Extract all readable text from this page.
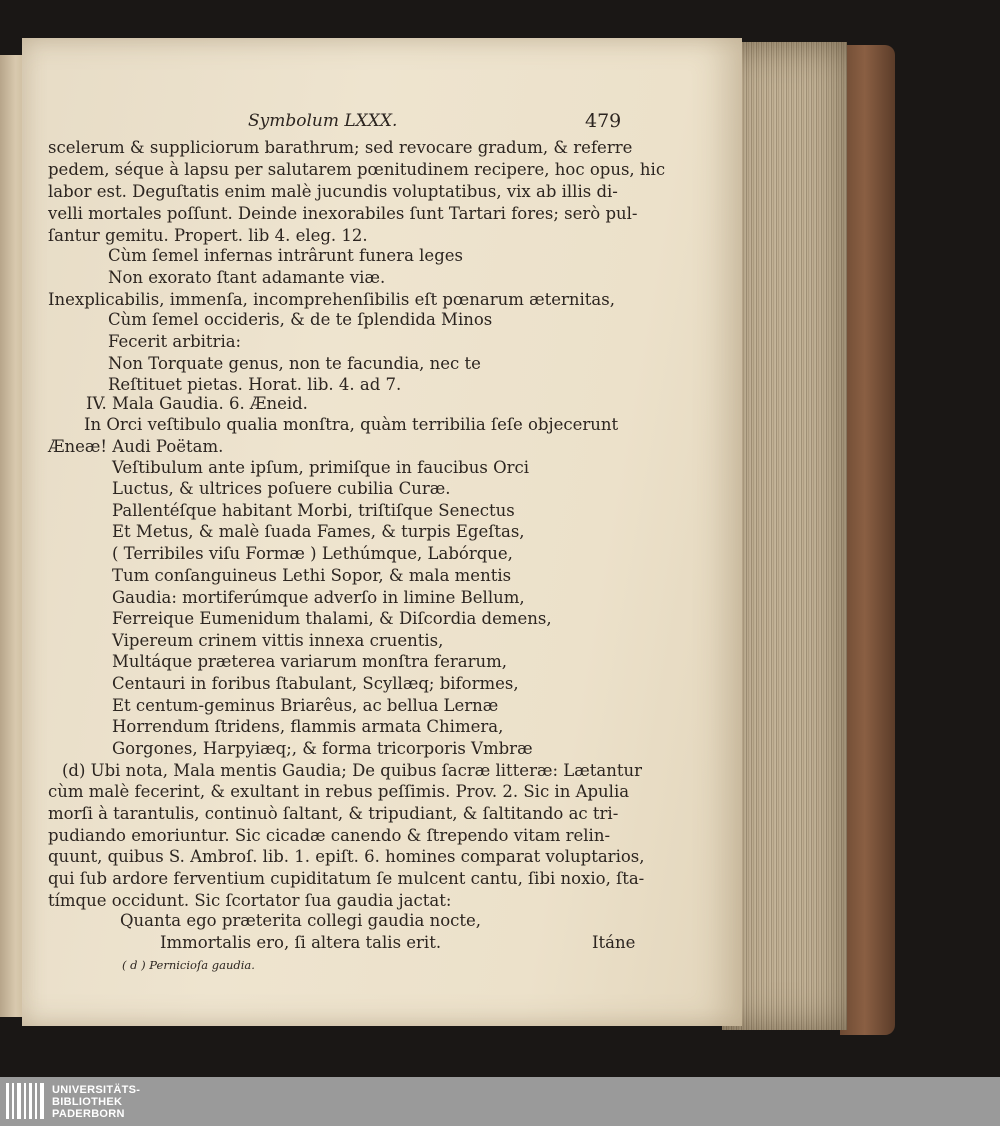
Symbolum LXXX.	479
scelerum & suppliciorum barathrum; sed revocare gradum, & referre
pedem, séque à lapsu per salutarem pœnitudinem recipere, hoc opus, hic
labor est. Deguſtatis enim malè jucundis voluptatibus, vix ab illis di-
velli mortales poſſunt. Deinde inexorabiles ſunt Tartari fores; serò pul-
ſantur gemitu. Propert. lib 4. eleg. 12.
Cùm ſemel infernas intrârunt funera leges
Non exorato ſtant adamante viæ.
Inexplicabilis, immenſa, incomprehenſibilis eſt pœnarum æternitas,
Cùm ſemel occideris, & de te ſplendida Minos
Fecerit arbitria:
Non Torquate genus, non te facundia, nec te
Reſtituet pietas. Horat. lib. 4. ad 7.
IV. Mala Gaudia. 6. Æneid.
In Orci veſtibulo qualia monſtra, quàm terribilia ſeſe objecerunt
Æneæ! Audi Poëtam.
Veſtibulum ante ipſum, primiſque in faucibus Orci
Luctus, & ultrices poſuere cubilia Curæ.
Pallentéſque habitant Morbi, triſtiſque Senectus
Et Metus, & malè ſuada Fames, & turpis Egeſtas,
( Terribiles viſu Formæ ) Lethúmque, Labórque,
Tum conſanguineus Lethi Sopor, & mala mentis
Gaudia: mortiferúmque adverſo in limine Bellum,
Ferreique Eumenidum thalami, & Diſcordia demens,
Vipereum crinem vittis innexa cruentis,
Multáque præterea variarum monſtra ferarum,
Centauri in foribus ſtabulant, Scyllæq; biformes,
Et centum-geminus Briarêus, ac bellua Lernæ
Horrendum ſtridens, flammis armata Chimera,
Gorgones, Harpyiæq;, & forma tricorporis Vmbræ
(d) Ubi nota, Mala mentis Gaudia; De quibus ſacræ litteræ: Lætantur
cùm malè fecerint, & exultant in rebus peſſimis. Prov. 2. Sic in Apulia
morſi à tarantulis, continuò ſaltant, & tripudiant, & ſaltitando ac tri-
pudiando emoriuntur. Sic cicadæ canendo & ſtrependo vitam relin-
quunt, quibus S. Ambroſ. lib. 1. epiſt. 6. homines comparat voluptarios,
qui ſub ardore ferventium cupiditatum ſe mulcent cantu, ſibi noxio, ſta-
tímque occidunt. Sic ſcortator ſua gaudia jactat:
Quanta ego præterita collegi gaudia nocte,
Immortalis ero, ſi altera talis erit.	Itáne
( d ) Pernicioſa gaudia.
UNIVERSITÄTS-
BIBLIOTHEK
PADERBORN
